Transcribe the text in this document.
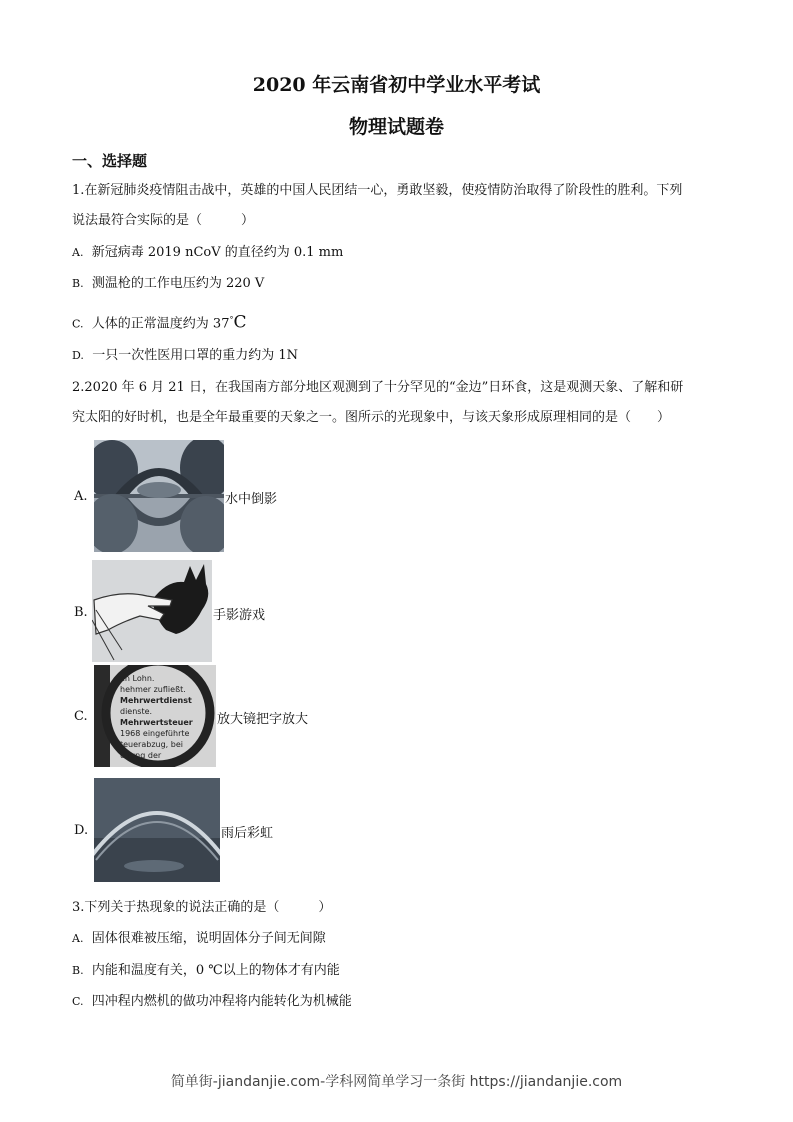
2020 年云南省初中学业水平考试
物理试题卷
一、选择题
1.在新冠肺炎疫情阻击战中，英雄的中国人民团结一心，勇敢坚毅，使疫情防治取得了阶段性的胜利。下列
说法最符合实际的是（　　　）
A. 新冠病毒 2019 nCoV 的直径约为 0.1 mm
B. 测温枪的工作电压约为 220 V
C. 人体的正常温度约为 37°C
D. 一只一次性医用口罩的重力约为 1N
2.2020 年 6 月 21 日，在我国南方部分地区观测到了十分罕见的“金边”日环食，这是观测天象、了解和研
究太阳的好时机，也是全年最重要的天象之一。图所示的光现象中，与该天象形成原理相同的是（　　）
A.	水中倒影
B.	手影游戏
C.
en Lohn.
hehmer zufließt.
Mehrwertdienst
dienste.
Mehrwertsteuer
1968 eingeführte
teuerabzug, bei
ulfung der
放大镜把字放大
D.	雨后彩虹
3.下列关于热现象的说法正确的是（　　　）
A. 固体很难被压缩，说明固体分子间无间隙
B. 内能和温度有关，0 ℃以上的物体才有内能
C. 四冲程内燃机的做功冲程将内能转化为机械能
简单街-jiandanjie.com-学科网简单学习一条街 https://jiandanjie.com
